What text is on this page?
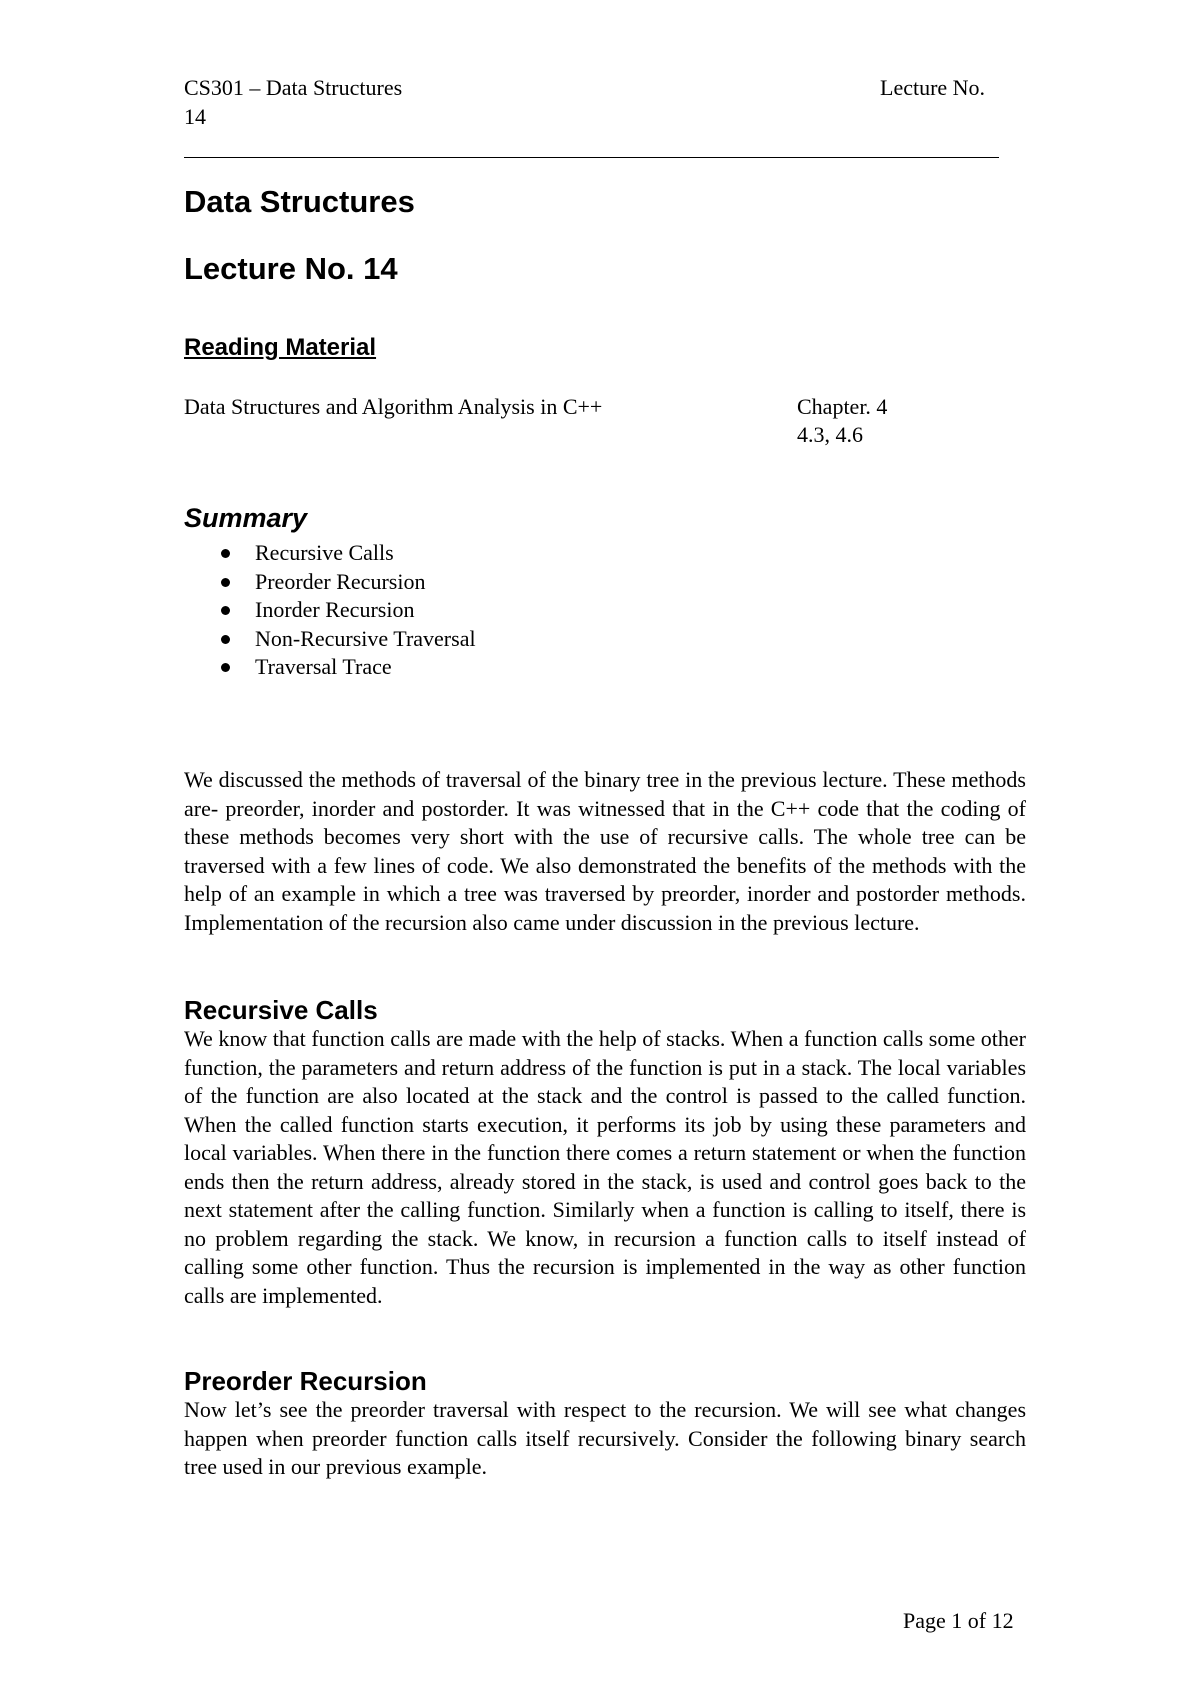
CS301 – Data Structures	Lecture No.
14
Data Structures
Lecture No. 14
Reading Material
Data Structures and Algorithm Analysis in C++	Chapter. 4
4.3, 4.6
Summary
Recursive Calls
Preorder Recursion
Inorder Recursion
Non-Recursive Traversal
Traversal Trace

We discussed the methods of traversal of the binary tree in the previous lecture. These methods are- preorder, inorder and postorder. It was witnessed that in the C++ code that the coding of these methods becomes very short with the use of recursive calls. The whole tree can be traversed with a few lines of code. We also demonstrated the benefits of the methods with the help of an example in which a tree was traversed by preorder, inorder and postorder methods. Implementation of the recursion also came under discussion in the previous lecture.

Recursive Calls

We know that function calls are made with the help of stacks. When a function calls some other function, the parameters and return address of the function is put in a stack. The local variables of the function are also located at the stack and the control is passed to the called function. When the called function starts execution, it performs its job by using these parameters and local variables. When there in the function there comes a return statement or when the function ends then the return address, already stored in the stack, is used and control goes back to the next statement after the calling function. Similarly when a function is calling to itself, there is no problem regarding the stack. We know, in recursion a function calls to itself instead of calling some other function. Thus the recursion is implemented in the way as other function calls are implemented.

Preorder Recursion

Now let’s see the preorder traversal with respect to the recursion. We will see what changes happen when preorder function calls itself recursively. Consider the following binary search tree used in our previous example.

Page 1 of 12
